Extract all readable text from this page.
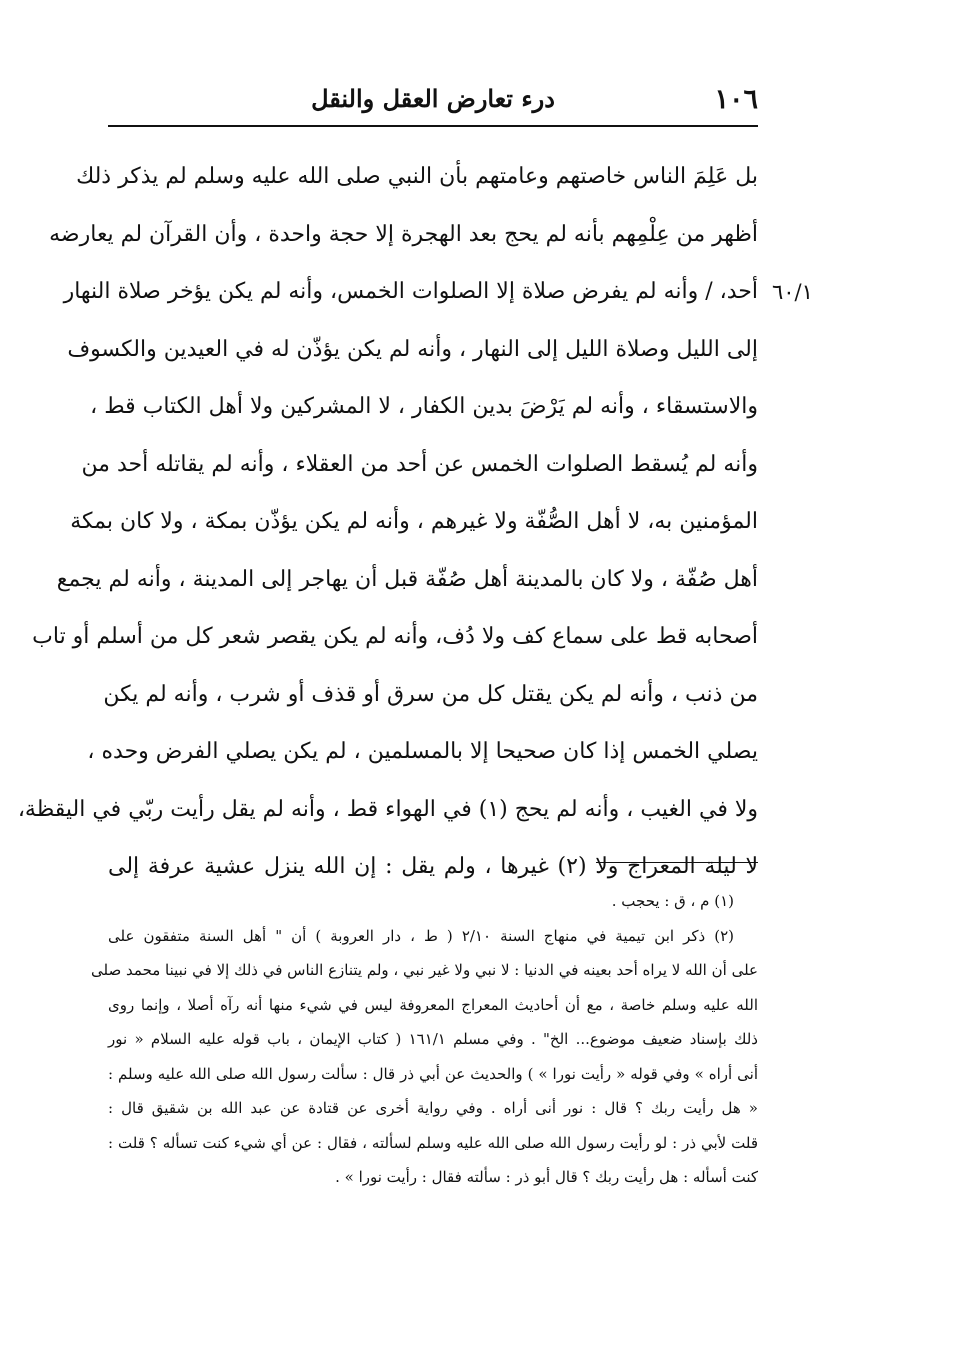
١٠٦
درء تعارض العقل والنقل
٦٠/١
بل عَلِمَ الناس خاصتهم وعامتهم بأن النبي صلى الله عليه وسلم لم يذكر ذلك
أظهر من عِلْمِهم بأنه لم يحج بعد الهجرة إلا حجة واحدة ، وأن القرآن لم يعارضه
أحد، / وأنه لم يفرض صلاة إلا الصلوات الخمس، وأنه لم يكن يؤخر صلاة النهار
إلى الليل وصلاة الليل إلى النهار ، وأنه لم يكن يؤذّن له في العيدين والكسوف
والاستسقاء ، وأنه لم يَرْضَ بدين الكفار ، لا المشركين ولا أهل الكتاب قط ،
وأنه لم يُسقط الصلوات الخمس عن أحد من العقلاء ، وأنه لم يقاتله أحد من
المؤمنين به، لا أهل الصُّفّة ولا غيرهم ، وأنه لم يكن يؤذّن بمكة ، ولا كان بمكة
أهل صُفّة ، ولا كان بالمدينة أهل صُفّة قبل أن يهاجر إلى المدينة ، وأنه لم يجمع
أصحابه قط على سماع كف ولا دُف، وأنه لم يكن يقصر شعر كل من أسلم أو تاب
من ذنب ، وأنه لم يكن يقتل كل من سرق أو قذف أو شرب ، وأنه لم يكن
يصلي الخمس إذا كان صحيحا إلا بالمسلمين ، لم يكن يصلي الفرض وحده ،
ولا في الغيب ، وأنه لم يحج (١) في الهواء قط ، وأنه لم يقل رأيت ربّي في اليقظة،
لا ليلة المعراج ولا (٢) غيرها ، ولم يقل : إن الله ينزل عشية عرفة إلى
(١) م ، ق : يحجب .
(٢) ذكر ابن تيمية في منهاج السنة ٢/١٠ ( ط ، دار العروبة ) أن " أهل السنة متفقون على
على أن الله لا يراه أحد بعينه في الدنيا : لا نبي ولا غير نبي ، ولم يتنازع الناس في ذلك إلا في نبينا محمد صلى
الله عليه وسلم خاصة ، مع أن أحاديث المعراج المعروفة ليس في شيء منها أنه رآه أصلا ، وإنما روى
ذلك بإسناد ضعيف موضوع... الخ" . وفي مسلم ١٦١/١ ( كتاب الإيمان ، باب قوله عليه السلام « نور
أنى أراه » وفي قوله « رأيت نورا » ) والحديث عن أبي ذر قال : سألت رسول الله صلى الله عليه وسلم :
« هل رأيت ربك ؟ قال : نور أنى أراه . وفي رواية أخرى عن قتادة عن عبد الله بن شقيق قال :
قلت لأبي ذر : لو رأيت رسول الله صلى الله عليه وسلم لسألته ، فقال : عن أي شيء كنت تسأله ؟ قلت :
كنت أسأله : هل رأيت ربك ؟ قال أبو ذر : سألته فقال : رأيت نورا » .
